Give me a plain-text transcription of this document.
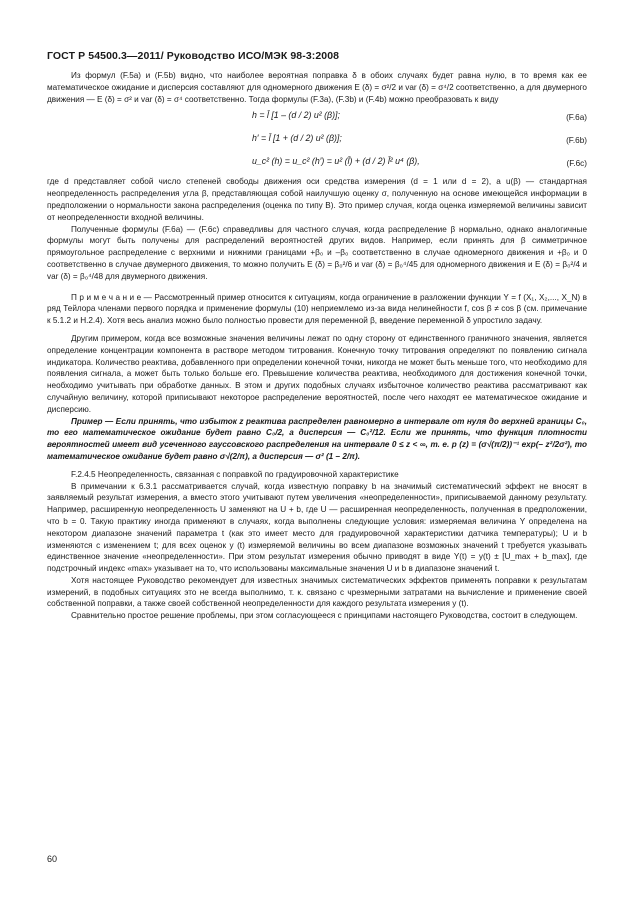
ГОСТ Р 54500.3—2011/ Руководство ИСО/МЭК 98-3:2008

Из формул (F.5a) и (F.5b) видно, что наиболее вероятная поправка δ в обоих случаях будет равна нулю, в то время как ее математическое ожидание и дисперсия составляют для одномерного движения E (δ) = σ²/2 и var (δ) = σ⁴/2 соответственно, а для двумерного движения — E (δ) = σ² и var (δ) = σ⁴ соответственно. Тогда формулы (F.3a), (F.3b) и (F.4b) можно преобразовать к виду

h = l̄ [1 – (d / 2) u² (β)];	(F.6a)
h′ = l̄ [1 + (d / 2) u² (β)];	(F.6b)
u_c² (h) = u_c² (h′) = u² (l̄) + (d / 2) l̄² u⁴ (β),	(F.6c)

где d представляет собой число степеней свободы движения оси средства измерения (d = 1 или d = 2), а u(β) — стандартная неопределенность распределения угла β, представляющая собой наилучшую оценку σ, полученную на основе имеющейся информации в предположении о нормальности закона распределения (оценка по типу B). Это пример случая, когда оценка измеряемой величины зависит от неопределенности входной величины.

Полученные формулы (F.6a) — (F.6c) справедливы для частного случая, когда распределение β нормально, однако аналогичные формулы могут быть получены для распределений вероятностей других видов. Например, если принять для β симметричное прямоугольное распределение с верхними и нижними границами +β₀ и –β₀ соответственно в случае одномерного движения и +β₀ и 0 соответственно в случае двумерного движения, то можно получить E (δ) = β₀²/6 и var (δ) = β₀⁴/45 для одномерного движения и E (δ) = β₀²/4 и var (δ) = β₀⁴/48 для двумерного движения.

П р и м е ч а н и е — Рассмотренный пример относится к ситуациям, когда ограничение в разложении функции Y = f (X₁, X₂,..., X_N) в ряд Тейлора членами первого порядка и применение формулы (10) неприемлемо из-за вида нелинейности f, cos β ≠ cos β (см. примечание к 5.1.2 и Н.2.4). Хотя весь анализ можно было полностью провести для переменной β, введение переменной δ упростило задачу.

Другим примером, когда все возможные значения величины лежат по одну сторону от единственного граничного значения, является определение концентрации компонента в растворе методом титрования. Конечную точку титрования определяют по появлению сигнала индикатора. Количество реактива, добавленного при определении конечной точки, никогда не может быть меньше того, что необходимо для появления сигнала, а может быть только больше его. Превышение количества реактива, необходимого для достижения конечной точки, необходимо учитывать при обработке данных. В этом и других подобных случаях избыточное количество реактива рассматривают как случайную величину, которой приписывают некоторое распределение вероятностей, после чего находят ее математическое ожидание и дисперсию.

Пример — Если принять, что избыток z реактива распределен равномерно в интервале от нуля до верхней границы C₀, то его математическое ожидание будет равно C₀/2, а дисперсия — C₀²/12. Если же принять, что функция плотности вероятностей имеет вид усеченного гауссовского распределения на интервале 0 ≤ z < ∞, т. е. p (z) = (σ√(π/2))⁻¹ exp(– z²/2σ²), то математическое ожидание будет равно σ√(2/π), а дисперсия — σ² (1 – 2/π).

F.2.4.5 Неопределенность, связанная с поправкой по градуировочной характеристике

В примечании к 6.3.1 рассматривается случай, когда известную поправку b на значимый систематический эффект не вносят в заявляемый результат измерения, а вместо этого учитывают путем увеличения «неопределенности», приписываемой данному результату. Например, расширенную неопределенность U заменяют на U + b, где U — расширенная неопределенность, полученная в предположении, что b = 0. Такую практику иногда применяют в случаях, когда выполнены следующие условия: измеряемая величина Y определена на некотором диапазоне значений параметра t (как это имеет место для градуировочной характеристики датчика температуры); U и b изменяются с изменением t; для всех оценок y (t) измеряемой величины во всем диапазоне возможных значений t требуется указывать единственное значение «неопределенности». При этом результат измерения обычно приводят в виде Y(t) = y(t) ± [U_max + b_max], где подстрочный индекс «max» указывает на то, что использованы максимальные значения U и b в диапазоне значений t.

Хотя настоящее Руководство рекомендует для известных значимых систематических эффектов применять поправки к результатам измерений, в подобных ситуациях это не всегда выполнимо, т. к. связано с чрезмерными затратами на вычисление и применение своей собственной поправки, а также своей собственной неопределенности для каждого результата измерения y (t).

Сравнительно простое решение проблемы, при этом согласующееся с принципами настоящего Руководства, состоит в следующем.

60
